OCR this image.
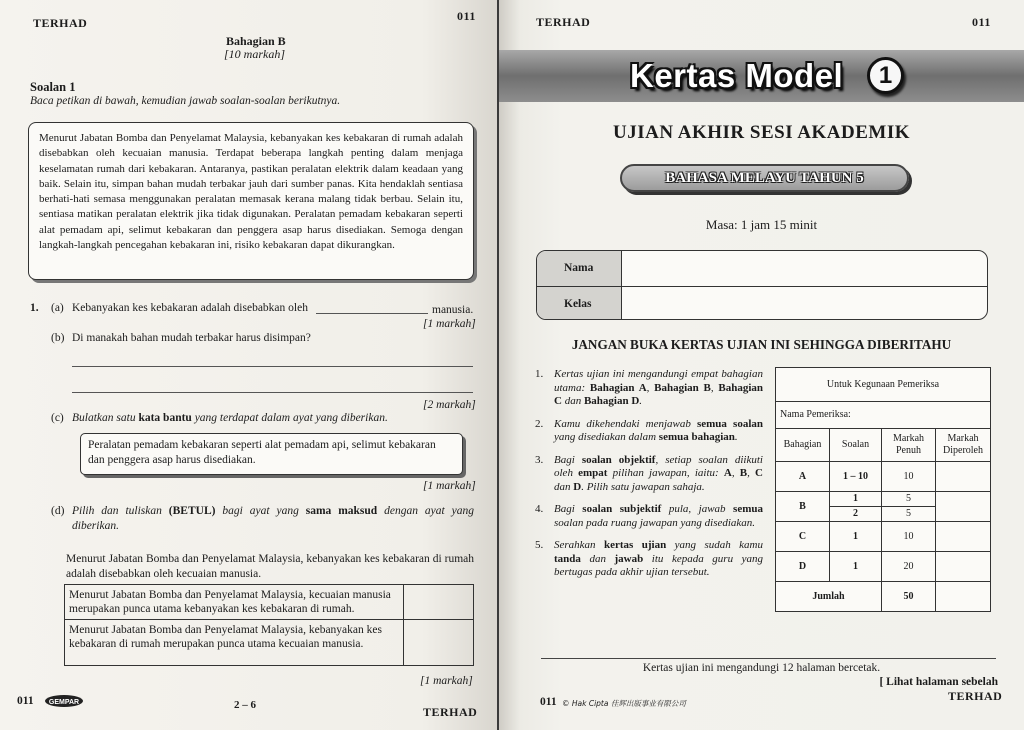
TERHAD	011
Bahagian B
[10 markah]
Soalan 1
Baca petikan di bawah, kemudian jawab soalan-soalan berikutnya.
Menurut Jabatan Bomba dan Penyelamat Malaysia, kebanyakan kes kebakaran di rumah adalah disebabkan oleh kecuaian manusia. Terdapat beberapa langkah penting dalam menjaga keselamatan rumah dari kebakaran. Antaranya, pastikan peralatan elektrik dalam keadaan yang baik. Selain itu, simpan bahan mudah terbakar jauh dari sumber panas. Kita hendaklah sentiasa berhati-hati semasa menggunakan peralatan memasak kerana malang tidak berbau. Selain itu, sentiasa matikan peralatan elektrik jika tidak digunakan. Peralatan pemadam kebakaran seperti alat pemadam api, selimut kebakaran dan penggera asap harus disediakan. Semoga dengan langkah-langkah pencegahan kebakaran ini, risiko kebakaran dapat dikurangkan.
1. (a) Kebanyakan kes kebakaran adalah disebabkan oleh	manusia.
[1 markah]
(b) Di manakah bahan mudah terbakar harus disimpan?
[2 markah]
(c) Bulatkan satu kata bantu yang terdapat dalam ayat yang diberikan.
Peralatan pemadam kebakaran seperti alat pemadam api, selimut kebakaran dan penggera asap harus disediakan.
[1 markah]
(d) Pilih dan tuliskan (BETUL) bagi ayat yang sama maksud dengan ayat yang diberikan.
Menurut Jabatan Bomba dan Penyelamat Malaysia, kebanyakan kes kebakaran di rumah adalah disebabkan oleh kecuaian manusia.
Menurut Jabatan Bomba dan Penyelamat Malaysia, kecuaian manusia merupakan punca utama kebanyakan kes kebakaran di rumah.	
Menurut Jabatan Bomba dan Penyelamat Malaysia, kebanyakan kes kebakaran di rumah merupakan punca utama kecuaian manusia.	
[1 markah]
011 GEMPAR	2 – 6	TERHAD
TERHAD	011
Kertas Model	1
UJIAN AKHIR SESI AKADEMIK
BAHASA MELAYU TAHUN 5
Masa: 1 jam 15 minit
Nama
Kelas
JANGAN BUKA KERTAS UJIAN INI SEHINGGA DIBERITAHU
1. Kertas ujian ini mengandungi empat bahagian utama: Bahagian A, Bahagian B, Bahagian C dan Bahagian D.
2. Kamu dikehendaki menjawab semua soalan yang disediakan dalam semua bahagian.
3. Bagi soalan objektif, setiap soalan diikuti oleh empat pilihan jawapan, iaitu: A, B, C dan D. Pilih satu jawapan sahaja.
4. Bagi soalan subjektif pula, jawab semua soalan pada ruang jawapan yang disediakan.
5. Serahkan kertas ujian yang sudah kamu tanda dan jawab itu kepada guru yang bertugas pada akhir ujian tersebut.
Untuk Kegunaan Pemeriksa			
Nama Pemeriksa:			
Bahagian	Soalan	Markah Penuh	Markah Diperoleh
A	1 – 10	10	
B	1	5	
	2	5	
C	1	10	
D	1	20	
Jumlah		50	
Kertas ujian ini mengandungi 12 halaman bercetak.
[ Lihat halaman sebelah
TERHAD
011 © Hak Cipta 佳辉出版事业有限公司
